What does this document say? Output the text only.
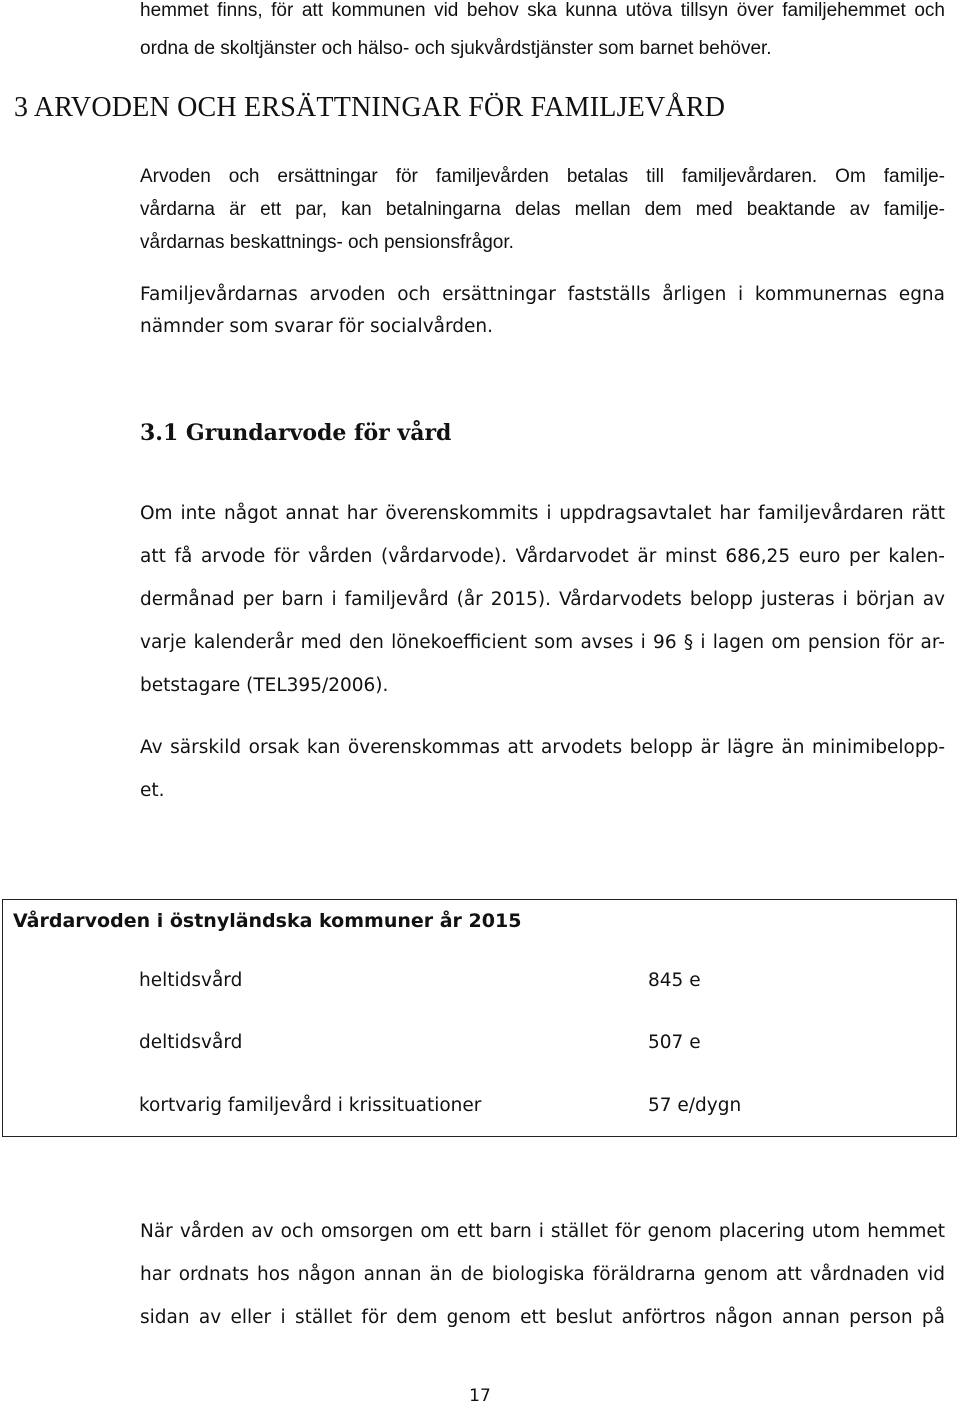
hemmet finns, för att kommunen vid behov ska kunna utöva tillsyn över familjehemmet och
ordna de skoltjänster och hälso- och sjukvårdstjänster som barnet behöver.
3 ARVODEN OCH ERSÄTTNINGAR FÖR FAMILJEVÅRD
Arvoden och ersättningar för familjevården betalas till familjevårdaren. Om familje-
vårdarna är ett par, kan betalningarna delas mellan dem med beaktande av familje-
vårdarnas beskattnings- och pensionsfrågor.
Familjevårdarnas arvoden och ersättningar fastställs årligen i kommunernas egna
nämnder som svarar för socialvården.
3.1 Grundarvode för vård
Om inte något annat har överenskommits i uppdragsavtalet har familjevårdaren rätt
att få arvode för vården (vårdarvode). Vårdarvodet är minst 686,25 euro per kalen-
dermånad per barn i familjevård (år 2015). Vårdarvodets belopp justeras i början av
varje kalenderår med den lönekoefficient som avses i 96 § i lagen om pension för ar-
betstagare (TEL395/2006).
Av särskild orsak kan överenskommas att arvodets belopp är lägre än minimibelopp-
et.
Vårdarvoden i östnyländska kommuner år 2015
heltidsvård	845 e
deltidsvård	507 e
kortvarig familjevård i krissituationer	57 e/dygn
När vården av och omsorgen om ett barn i stället för genom placering utom hemmet
har ordnats hos någon annan än de biologiska föräldrarna genom att vårdnaden vid
sidan av eller i stället för dem genom ett beslut anförtros någon annan person på
17
